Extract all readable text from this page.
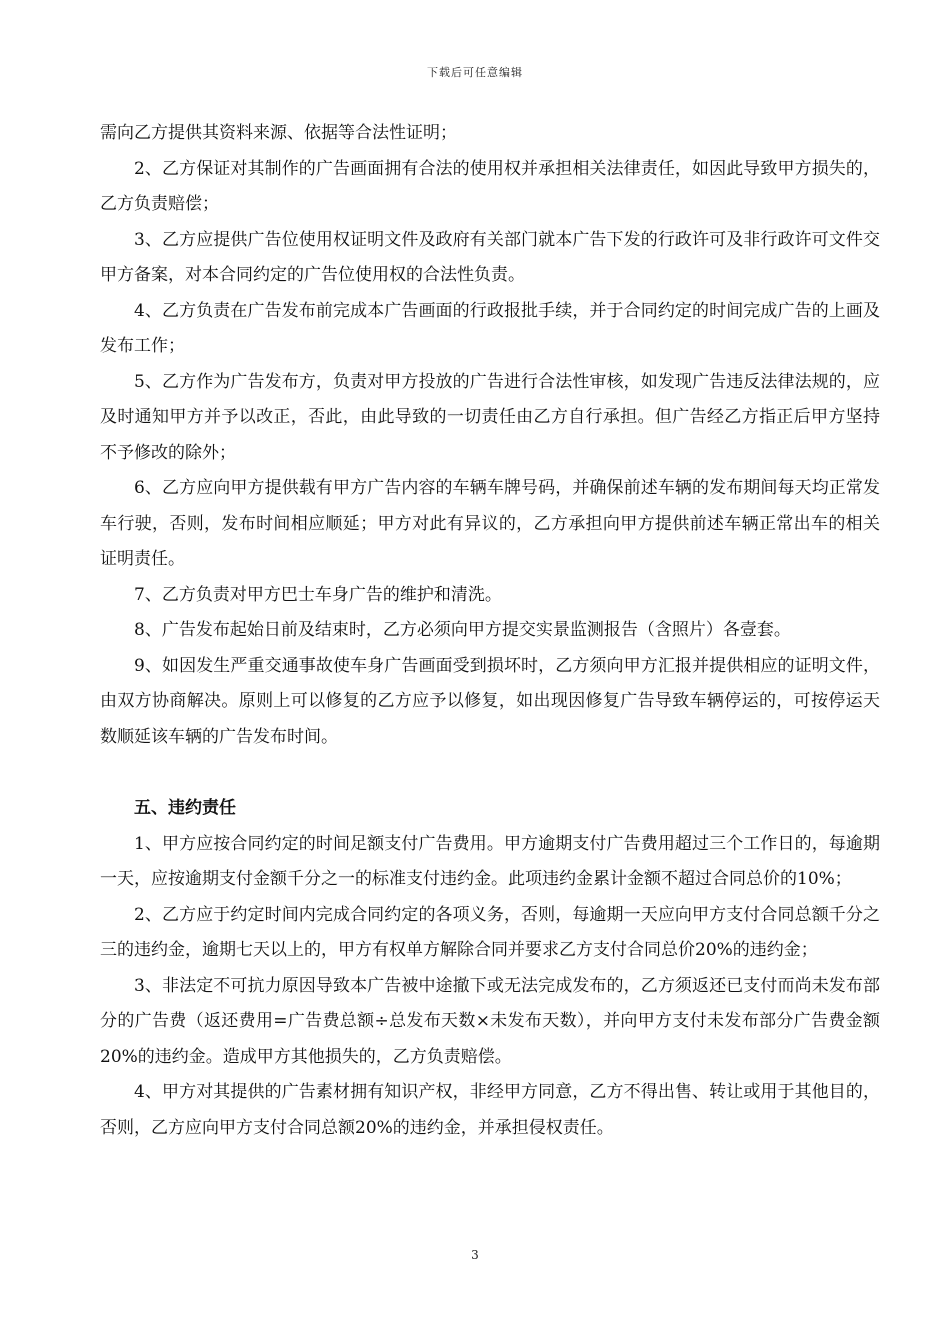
下载后可任意编辑

需向乙方提供其资料来源、依据等合法性证明；

2、乙方保证对其制作的广告画面拥有合法的使用权并承担相关法律责任，如因此导致甲方损失的，乙方负责赔偿；

3、乙方应提供广告位使用权证明文件及政府有关部门就本广告下发的行政许可及非行政许可文件交甲方备案，对本合同约定的广告位使用权的合法性负责。

4、乙方负责在广告发布前完成本广告画面的行政报批手续，并于合同约定的时间完成广告的上画及发布工作；

5、乙方作为广告发布方，负责对甲方投放的广告进行合法性审核，如发现广告违反法律法规的，应及时通知甲方并予以改正，否此，由此导致的一切责任由乙方自行承担。但广告经乙方指正后甲方坚持不予修改的除外；

6、乙方应向甲方提供载有甲方广告内容的车辆车牌号码，并确保前述车辆的发布期间每天均正常发车行驶，否则，发布时间相应顺延；甲方对此有异议的，乙方承担向甲方提供前述车辆正常出车的相关证明责任。

7、乙方负责对甲方巴士车身广告的维护和清洗。

8、广告发布起始日前及结束时，乙方必须向甲方提交实景监测报告（含照片）各壹套。

9、如因发生严重交通事故使车身广告画面受到损坏时，乙方须向甲方汇报并提供相应的证明文件，由双方协商解决。原则上可以修复的乙方应予以修复，如出现因修复广告导致车辆停运的，可按停运天数顺延该车辆的广告发布时间。

五、违约责任

1、甲方应按合同约定的时间足额支付广告费用。甲方逾期支付广告费用超过三个工作日的，每逾期一天，应按逾期支付金额千分之一的标准支付违约金。此项违约金累计金额不超过合同总价的10%；

2、乙方应于约定时间内完成合同约定的各项义务，否则，每逾期一天应向甲方支付合同总额千分之三的违约金，逾期七天以上的，甲方有权单方解除合同并要求乙方支付合同总价20%的违约金；

3、非法定不可抗力原因导致本广告被中途撤下或无法完成发布的，乙方须返还已支付而尚未发布部分的广告费（返还费用=广告费总额÷总发布天数×未发布天数），并向甲方支付未发布部分广告费金额20%的违约金。造成甲方其他损失的，乙方负责赔偿。

4、甲方对其提供的广告素材拥有知识产权，非经甲方同意，乙方不得出售、转让或用于其他目的，否则，乙方应向甲方支付合同总额20%的违约金，并承担侵权责任。

3
